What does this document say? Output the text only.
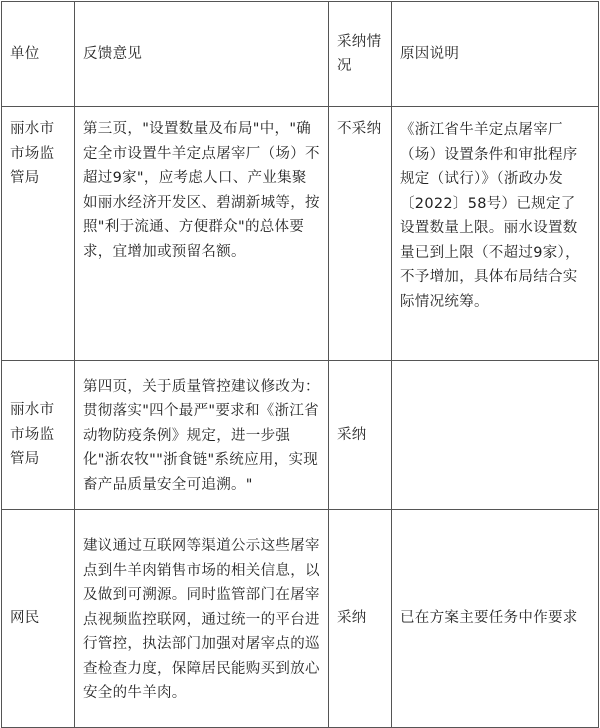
单位	反馈意见	采纳情况	原因说明
丽水市市场监管局	第三页，"设置数量及布局"中，"确定全市设置牛羊定点屠宰厂（场）不超过9家"，应考虑人口、产业集聚如丽水经济开发区、碧湖新城等，按照"利于流通、方便群众"的总体要求，宜增加或预留名额。	不采纳	《浙江省牛羊定点屠宰厂（场）设置条件和审批程序规定（试行）》（浙政办发〔2022〕58号）已规定了设置数量上限。丽水设置数量已到上限（不超过9家），不予增加，具体布局结合实际情况统筹。
丽水市市场监管局	第四页，关于质量管控建议修改为：贯彻落实"四个最严"要求和《浙江省动物防疫条例》规定，进一步强化"浙农牧""浙食链"系统应用，实现畜产品质量安全可追溯。"	采纳	
网民	建议通过互联网等渠道公示这些屠宰点到牛羊肉销售市场的相关信息，以及做到可溯源。同时监管部门在屠宰点视频监控联网，通过统一的平台进行管控，执法部门加强对屠宰点的巡查检查力度，保障居民能购买到放心安全的牛羊肉。	采纳	已在方案主要任务中作要求
